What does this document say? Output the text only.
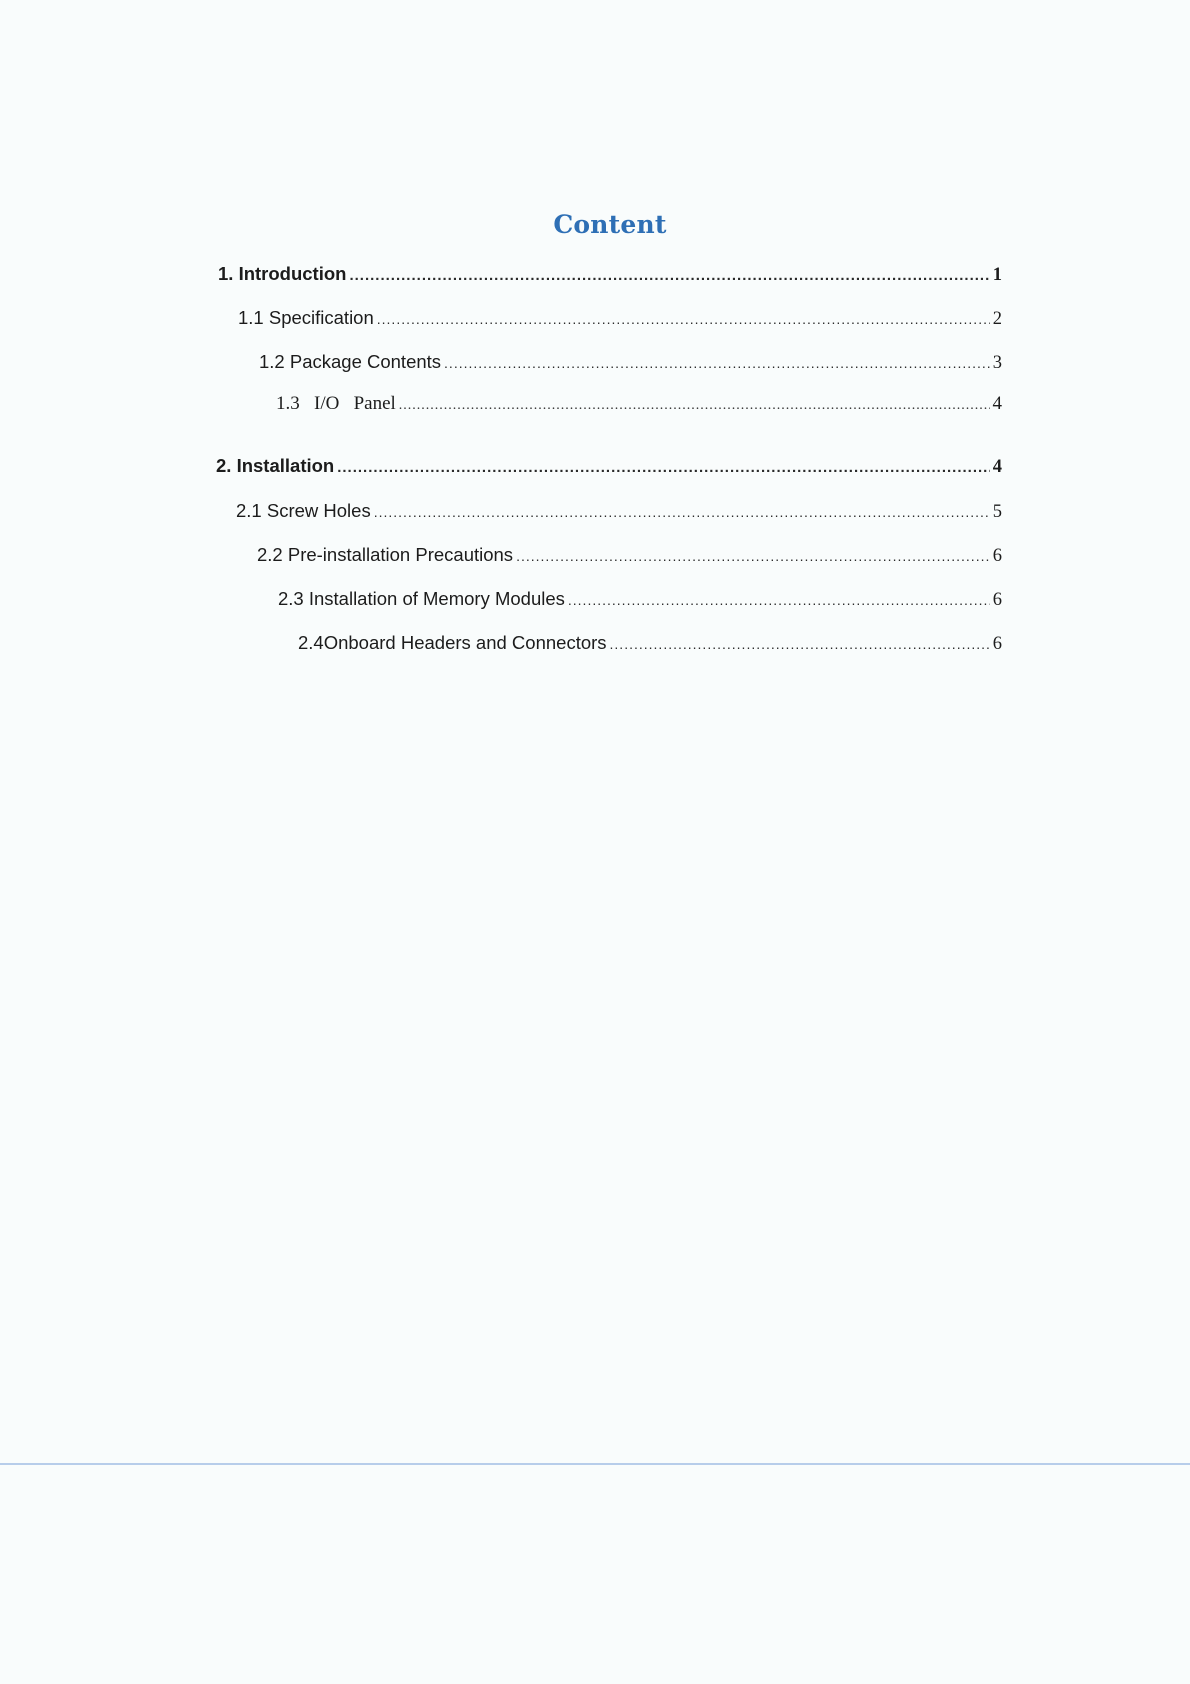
Content
1. Introduction .....	1
1.1 Specification .....	2
1.2 Package Contents .....	3
1.3   I/O   Panel .....	4
2. Installation .....	4
2.1 Screw Holes .....	5
2.2 Pre-installation Precautions .....	6
2.3 Installation of Memory Modules .....	6
2.4Onboard Headers and Connectors .....	6
